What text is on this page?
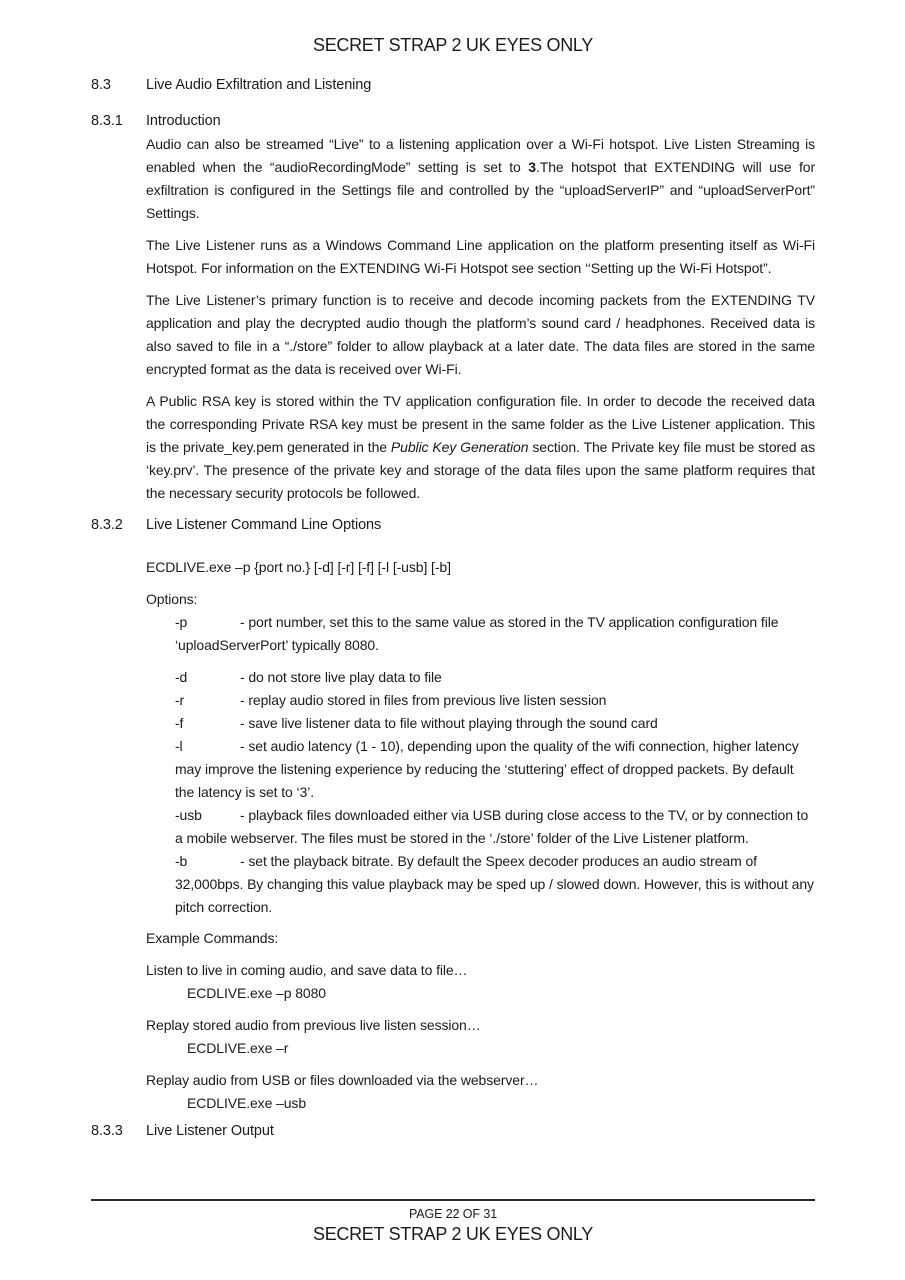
SECRET STRAP 2 UK EYES ONLY
8.3	Live Audio Exfiltration and Listening
8.3.1	Introduction

Audio can also be streamed “Live” to a listening application over a Wi-Fi hotspot. Live Listen Streaming is enabled when the “audioRecordingMode” setting is set to 3.The hotspot that EXTENDING will use for exfiltration is configured in the Settings file and controlled by the “uploadServerIP” and “uploadServerPort” Settings.

The Live Listener runs as a Windows Command Line application on the platform presenting itself as Wi-Fi Hotspot. For information on the EXTENDING Wi-Fi Hotspot see section ‘‘Setting up the Wi-Fi Hotspot”.

The Live Listener’s primary function is to receive and decode incoming packets from the EXTENDING TV application and play the decrypted audio though the platform’s sound card / headphones. Received data is also saved to file in a “./store” folder to allow playback at a later date. The data files are stored in the same encrypted format as the data is received over Wi-Fi.

A Public RSA key is stored within the TV application configuration file. In order to decode the received data the corresponding Private RSA key must be present in the same folder as the Live Listener application. This is the private_key.pem generated in the Public Key Generation section. The Private key file must be stored as ‘key.prv’. The presence of the private key and storage of the data files upon the same platform requires that the necessary security protocols be followed.

8.3.2	Live Listener Command Line Options
ECDLIVE.exe –p {port no.} [-d] [-r] [-f] [-l [-usb] [-b]
Options:
-p	- port number, set this to the same value as stored in the TV application configuration file ‘uploadServerPort’ typically 8080.
-d	- do not store live play data to file
-r	- replay audio stored in files from previous live listen session
-f	- save live listener data to file without playing through the sound card
-l	- set audio latency (1 - 10), depending upon the quality of the wifi connection, higher latency may improve the listening experience by reducing the ‘stuttering’ effect of dropped packets. By default the latency is set to ‘3’.
-usb	- playback files downloaded either via USB during close access to the TV, or by connection to a mobile webserver. The files must be stored in the ‘./store’ folder of the Live Listener platform.
-b	- set the playback bitrate. By default the Speex decoder produces an audio stream of 32,000bps. By changing this value playback may be sped up / slowed down. However, this is without any pitch correction.
Example Commands:
Listen to live in coming audio, and save data to file…
ECDLIVE.exe –p 8080
Replay stored audio from previous live listen session…
ECDLIVE.exe –r
Replay audio from USB or files downloaded via the webserver…
ECDLIVE.exe –usb
8.3.3	Live Listener Output
PAGE 22 OF 31
SECRET STRAP 2 UK EYES ONLY
